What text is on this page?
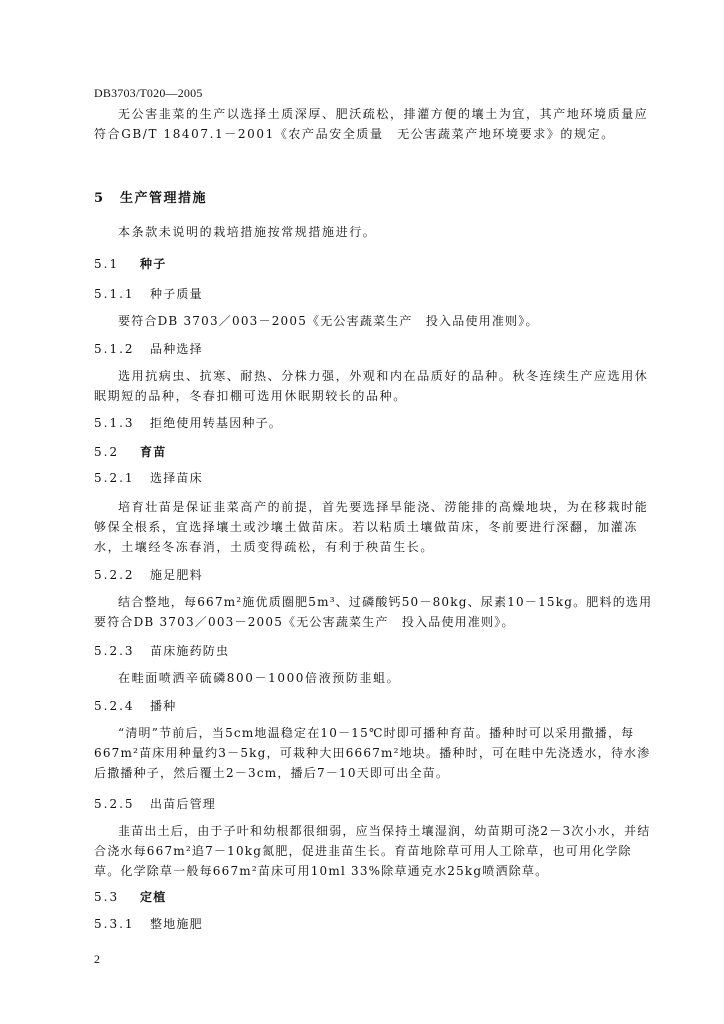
DB3703/T020—2005

无公害韭菜的生产以选择土质深厚、肥沃疏松，排灌方便的壤土为宜，其产地环境质量应符合GB/T 18407.1－2001《农产品安全质量　无公害蔬菜产地环境要求》的规定。

5 生产管理措施

本条款未说明的栽培措施按常规措施进行。

5.1 种子
5.1.1 种子质量

要符合DB 3703／003－2005《无公害蔬菜生产　投入品使用准则》。

5.1.2 品种选择

选用抗病虫、抗寒、耐热、分株力强，外观和内在品质好的品种。秋冬连续生产应选用休眠期短的品种，冬春扣棚可选用休眠期较长的品种。

5.1.3 拒绝使用转基因种子。
5.2 育苗
5.2.1 选择苗床

培育壮苗是保证韭菜高产的前提，首先要选择旱能浇、涝能排的高燥地块，为在移栽时能够保全根系，宜选择壤土或沙壤土做苗床。若以粘质土壤做苗床，冬前要进行深翻，加灌冻水，土壤经冬冻春消，土质变得疏松，有利于秧苗生长。

5.2.2 施足肥料

结合整地，每667m²施优质圈肥5m³、过磷酸钙50－80kg、尿素10－15kg。肥料的选用要符合DB 3703／003－2005《无公害蔬菜生产　投入品使用准则》。

5.2.3 苗床施药防虫

在畦面喷洒辛硫磷800－1000倍液预防韭蛆。

5.2.4 播种

“清明”节前后，当5cm地温稳定在10－15℃时即可播种育苗。播种时可以采用撒播，每667m²苗床用种量约3－5kg，可栽种大田6667m²地块。播种时，可在畦中先浇透水，待水渗后撒播种子，然后覆土2－3cm，播后7－10天即可出全苗。

5.2.5 出苗后管理

韭苗出土后，由于子叶和幼根都很细弱，应当保持土壤湿润，幼苗期可浇2－3次小水，并结合浇水每667m²追7－10kg氮肥，促进韭苗生长。育苗地除草可用人工除草，也可用化学除草。化学除草一般每667m²苗床可用10ml 33%除草通克水25kg喷洒除草。

5.3 定植
5.3.1 整地施肥
2
